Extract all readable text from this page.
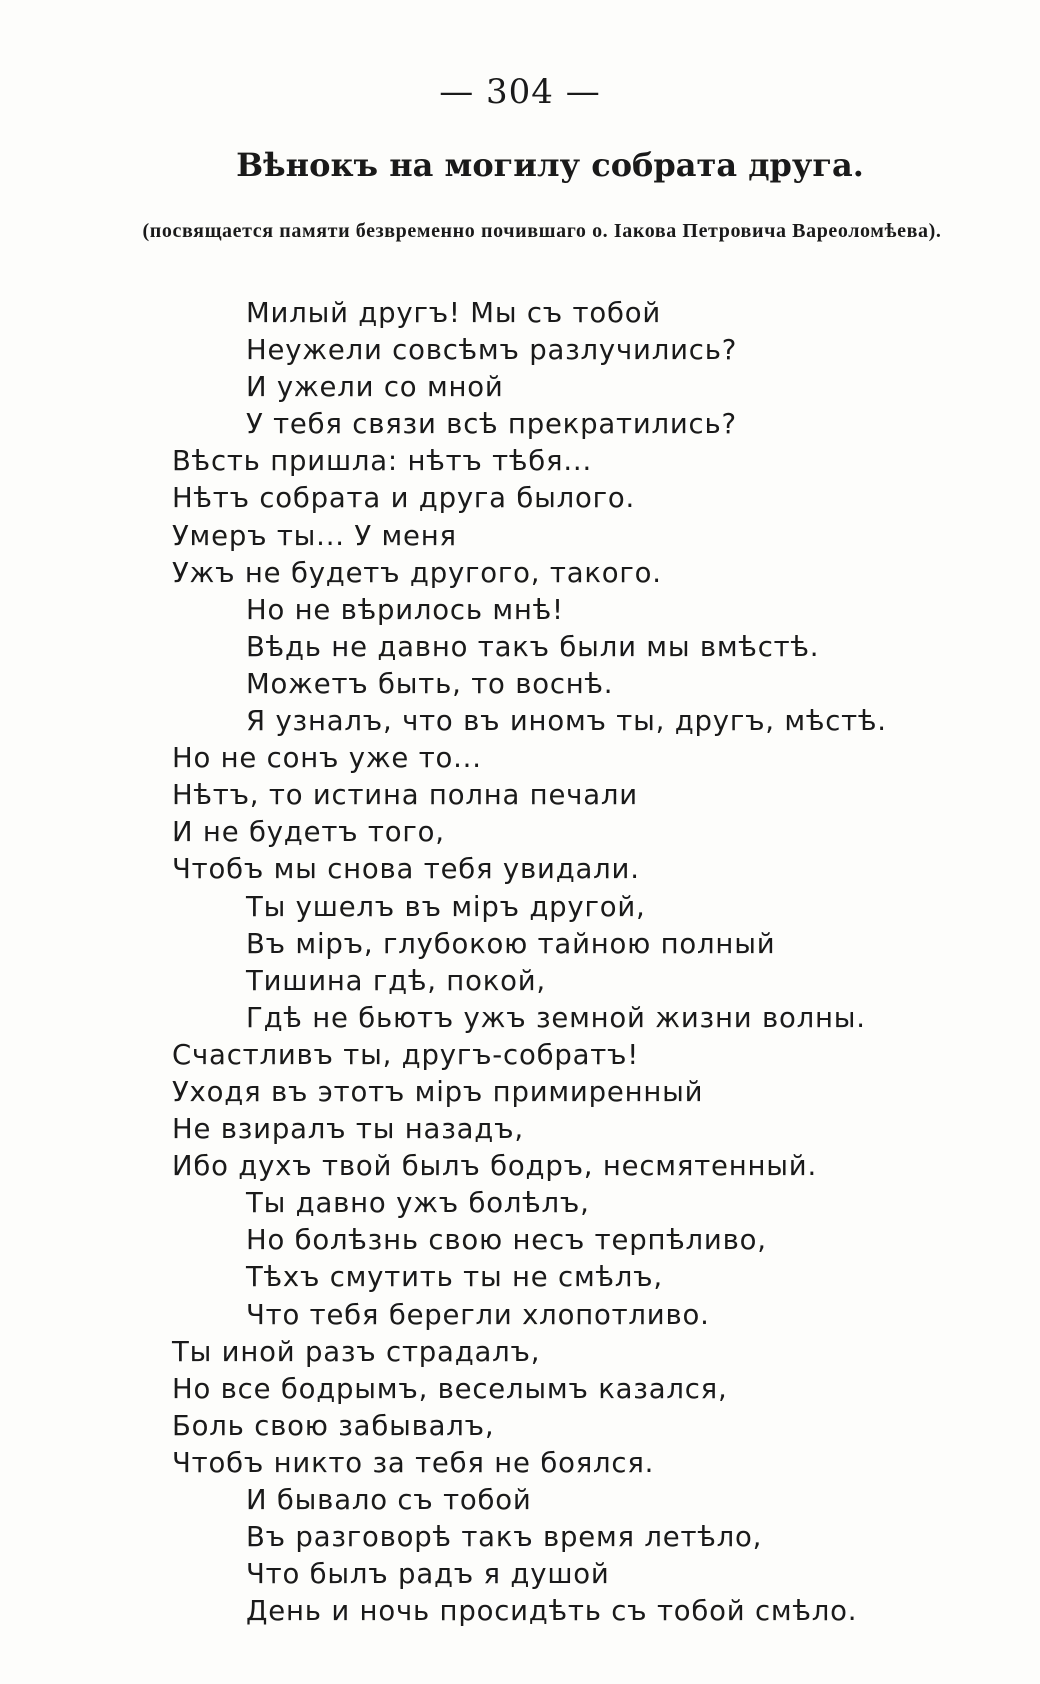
— 304 —
Вѣнокъ на могилу собрата друга.
(посвящается памяти безвременно почившаго о. Іакова Петровича Вареоломѣева).
Милый другъ! Мы съ тобой
Неужели совсѣмъ разлучились?
И ужели со мной
У тебя связи всѣ прекратились?
Вѣсть пришла: нѣтъ тѣбя...
Нѣтъ собрата и друга былого.
Умеръ ты... У меня
Ужъ не будетъ другого, такого.
Но не вѣрилось мнѣ!
Вѣдь не давно такъ были мы вмѣстѣ.
Можетъ быть, то воснѣ.
Я узналъ, что въ иномъ ты, другъ, мѣстѣ.
Но не сонъ уже то...
Нѣтъ, то истина полна печали
И не будетъ того,
Чтобъ мы снова тебя увидали.
Ты ушелъ въ міръ другой,
Въ міръ, глубокою тайною полный
Тишина гдѣ, покой,
Гдѣ не бьютъ ужъ земной жизни волны.
Счастливъ ты, другъ-собратъ!
Уходя въ этотъ міръ примиренный
Не взиралъ ты назадъ,
Ибо духъ твой былъ бодръ, несмятенный.
Ты давно ужъ болѣлъ,
Но болѣзнь свою несъ терпѣливо,
Тѣхъ смутить ты не смѣлъ,
Что тебя берегли хлопотливо.
Ты иной разъ страдалъ,
Но все бодрымъ, веселымъ казался,
Боль свою забывалъ,
Чтобъ никто за тебя не боялся.
И бывало съ тобой
Въ разговорѣ такъ время летѣло,
Что былъ радъ я душой
День и ночь просидѣть съ тобой смѣло.
